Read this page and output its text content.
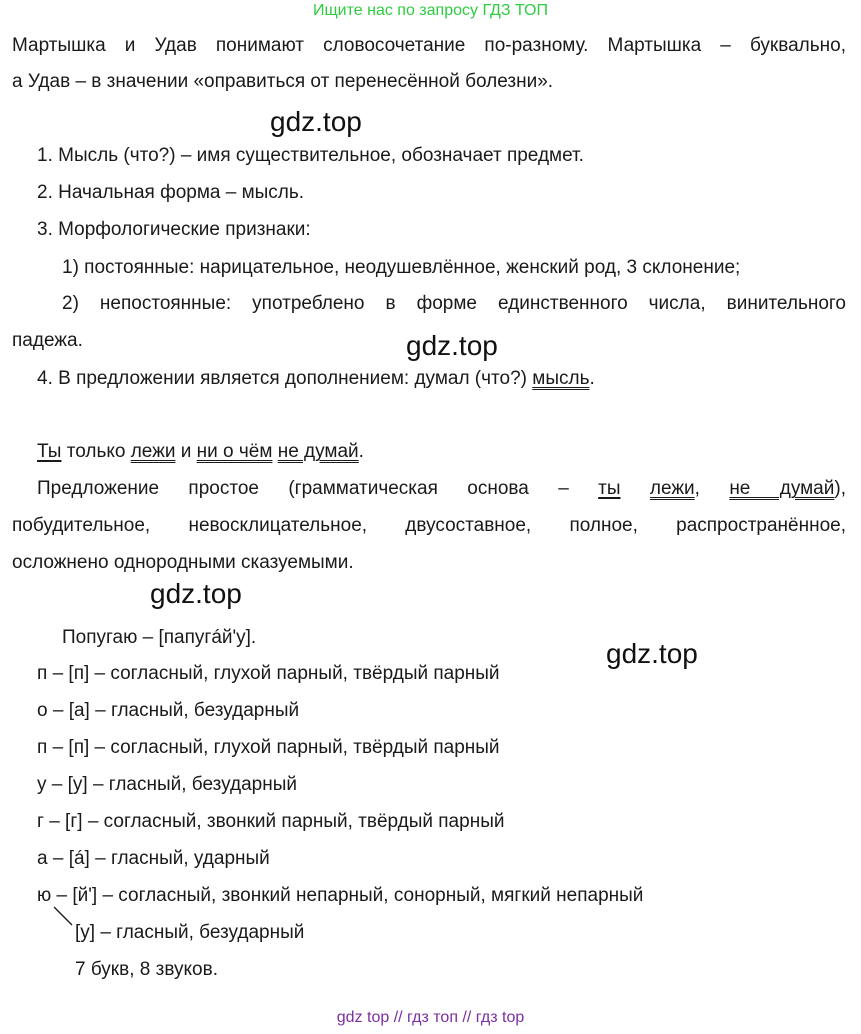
Ищите нас по запросу ГДЗ ТОП
Мартышка и Удав понимают словосочетание по-разному. Мартышка – буквально,
а Удав – в значении «оправиться от перенесённой болезни».
gdz.top
1. Мысль (что?) – имя существительное, обозначает предмет.
2. Начальная форма – мысль.
3. Морфологические признаки:
1) постоянные: нарицательное, неодушевлённое, женский род, 3 склонение;
2) непостоянные: употреблено в форме единственного числа, винительного
падежа.	gdz.top
4. В предложении является дополнением: думал (что?) мысль.
Ты только лежи и ни о чём не думай.
Предложение простое (грамматическая основа – ты лежи, не думай),
побудительное, невосклицательное, двусоставное, полное, распространённое,
осложнено однородными сказуемыми.
gdz.top
Попугаю – [папугáй'у].
gdz.top
п – [п] – согласный, глухой парный, твёрдый парный
о – [а] – гласный, безударный
п – [п] – согласный, глухой парный, твёрдый парный
у – [у] – гласный, безударный
г – [г] – согласный, звонкий парный, твёрдый парный
а – [á] – гласный, ударный
ю – [й'] – согласный, звонкий непарный, сонорный, мягкий непарный
[у] – гласный, безударный
7 букв, 8 звуков.
gdz top // гдз топ // гдз top
